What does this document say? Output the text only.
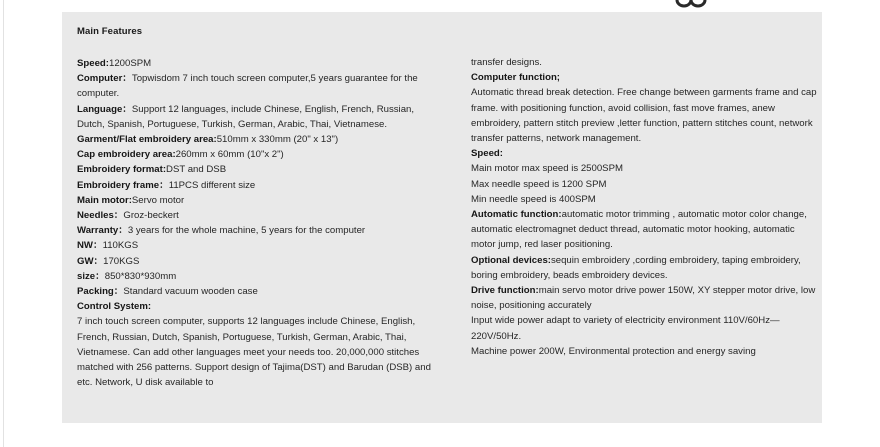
Main Features

Speed:1200SPM

Computer：Topwisdom 7 inch touch screen computer,5 years guarantee for the computer.

Language：Support 12 languages, include Chinese, English, French, Russian, Dutch, Spanish, Portuguese, Turkish, German, Arabic, Thai, Vietnamese.

Garment/Flat embroidery area:510mm x 330mm (20" x 13")

Cap embroidery area:260mm x 60mm (10"x 2")

Embroidery format:DST and DSB

Embroidery frame：11PCS different size

Main motor:Servo motor

Needles：Groz-beckert

Warranty：3 years for the whole machine, 5 years for the computer

NW：110KGS

GW：170KGS

size：850*830*930mm

Packing：Standard vacuum wooden case

Control System:

7 inch touch screen computer, supports 12 languages include Chinese, English, French, Russian, Dutch, Spanish, Portuguese, Turkish, German, Arabic, Thai, Vietnamese. Can add other languages meet your needs too. 20,000,000 stitches matched with 256 patterns. Support design of Tajima(DST) and Barudan (DSB) and etc. Network, U disk available to

transfer designs.

Computer function;

Automatic thread break detection. Free change between garments frame and cap frame. with positioning function, avoid collision, fast move frames, anew embroidery, pattern stitch preview ,letter function, pattern stitches count, network transfer patterns, network management.

Speed:

Main motor max speed is 2500SPM

Max needle speed is 1200 SPM

Min needle speed is 400SPM

Automatic function:automatic motor trimming , automatic motor color change, automatic electromagnet deduct thread, automatic motor hooking, automatic motor jump, red laser positioning.

Optional devices:sequin embroidery ,cording embroidery, taping embroidery, boring embroidery, beads embroidery devices.

Drive function:main servo motor drive power 150W, XY stepper motor drive, low noise, positioning accurately

Input wide power adapt to variety of electricity environment 110V/60Hz—220V/50Hz.

Machine power 200W, Environmental protection and energy saving
